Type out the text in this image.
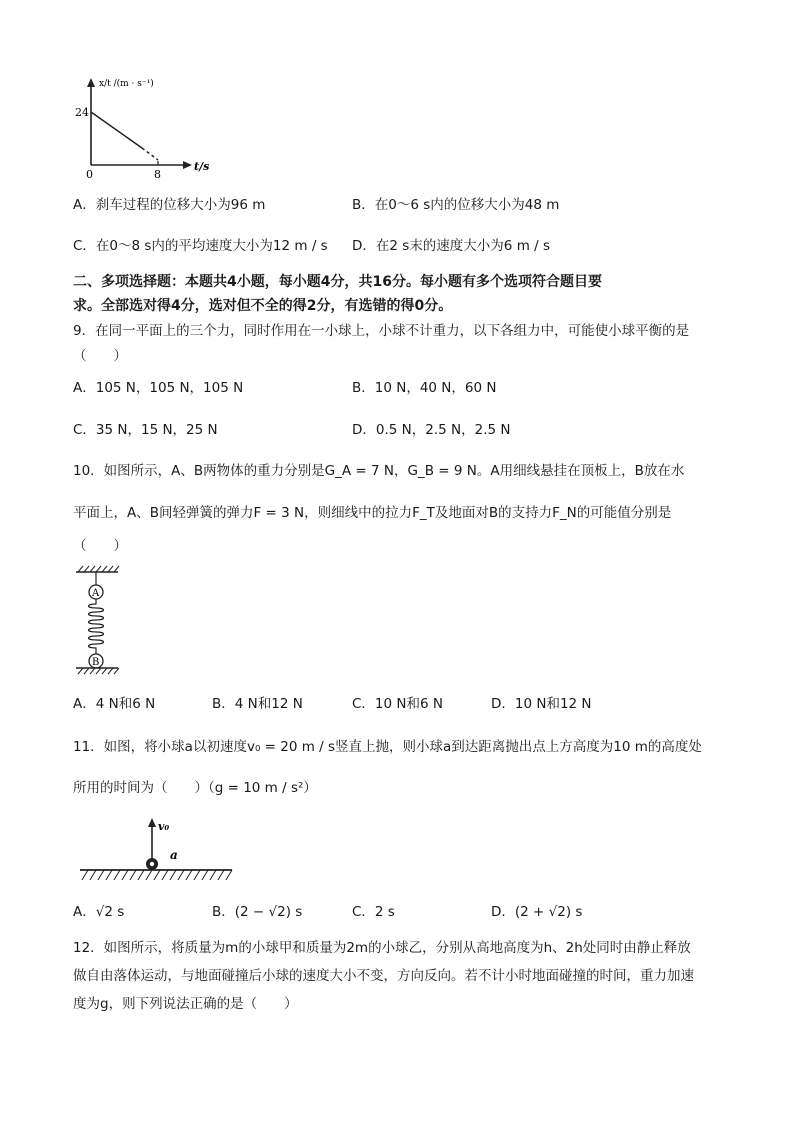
x/t /(m · s⁻¹)
24
0	8
t/s
A．刹车过程的位移大小为96 m	B．在0～6 s内的位移大小为48 m
C．在0～8 s内的平均速度大小为12 m / s D．在2 s末的速度大小为6 m / s
二、多项选择题：本题共4小题，每小题4分，共16分。每小题有多个选项符合题目要
求。全部选对得4分，选对但不全的得2分，有选错的得0分。
9．在同一平面上的三个力，同时作用在一小球上，小球不计重力，以下各组力中，可能使小球平衡的是
（　　）
A．105 N，105 N，105 N	B．10 N，40 N，60 N
C．35 N，15 N，25 N	D．0.5 N，2.5 N，2.5 N
10．如图所示，A、B两物体的重力分别是G_A = 7 N，G_B = 9 N。A用细线悬挂在顶板上，B放在水
平面上，A、B间轻弹簧的弹力F = 3 N，则细线中的拉力F_T及地面对B的支持力F_N的可能值分别是
（　　）
A
B
A．4 N和6 N	B．4 N和12 N	C．10 N和6 N	D．10 N和12 N
11．如图，将小球a以初速度v₀ = 20 m / s竖直上抛，则小球a到达距离抛出点上方高度为10 m的高度处
所用的时间为（　　）（g = 10 m / s²）
v₀
a
A．√2 s	B．(2 − √2) s	C．2 s	D．(2 + √2) s
12．如图所示，将质量为m的小球甲和质量为2m的小球乙，分别从高地高度为h、2h处同时由静止释放
做自由落体运动，与地面碰撞后小球的速度大小不变，方向反向。若不计小时地面碰撞的时间，重力加速
度为g，则下列说法正确的是（　　）
